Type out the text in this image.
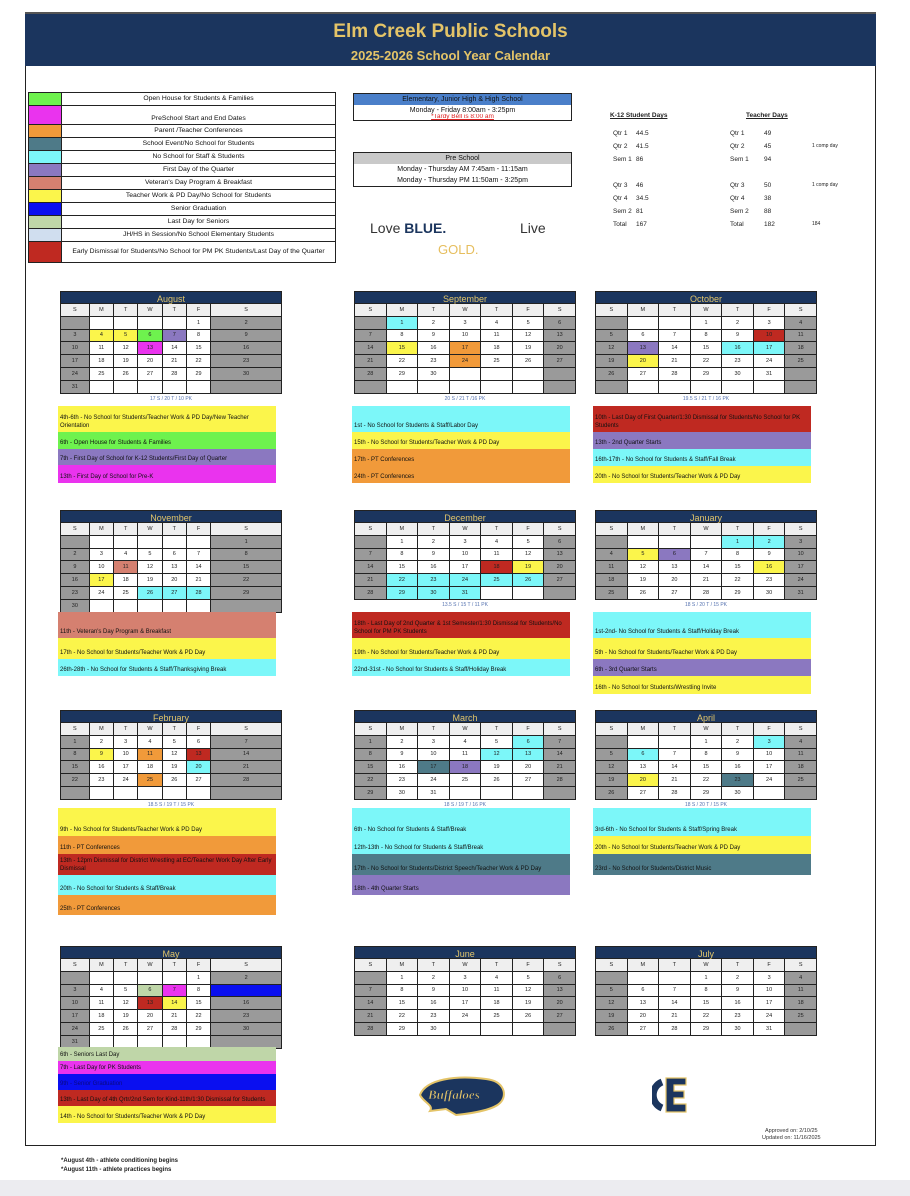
Elm Creek Public Schools
2025-2026 School Year Calendar
Open House for Students & Families
PreSchool Start and End Dates
Parent /Teacher Conferences
School Event/No School for Students
No School for Staff & Students
First Day of the Quarter
Veteran's Day Program & Breakfast
Teacher Work & PD Day/No School for Students
Senior Graduation
Last Day for Seniors
JH/HS in Session/No School Elementary Students
Early Dismissal for Students/No School for PM PK Students/Last Day of the Quarter
Elementary, Junior High & High School
Monday - Friday 8:00am - 3:25pm
*Tardy Bell is 8:00 am
Pre School
Monday - Thursday AM 7:45am - 11:15am
Monday - Thursday PM 11:50am - 3:25pm
Love BLUE.	Live
GOLD.
K-12 Student Days
Qtr 1 44.5
Qtr 2 41.5
Sem 1 86
Qtr 3 46
Qtr 4 34.5
Sem 2 81
Total 167
Teacher Days
Qtr 1	49
Qtr 2	45	1 comp day
Sem 1 94
Qtr 3	50	1 comp day
Qtr 4	38
Sem 2 88
Total	182	184
August
S	M	T	W	T	F	S
					1	2
3	4	5	6	7	8	9
10	11	12	13	14	15	16
17	18	19	20	21	22	23
24	25	26	27	28	29	30
31						
17 S / 20 T / 10 PK
4th-6th - No School for Students/Teacher Work & PD Day/New Teacher Orientation
6th - Open House for Students & Families
7th - First Day of School for K-12 Students/First Day of Quarter
13th - First Day of School for Pre-K
September
S	M	T	W	T	F	S
	1	2	3	4	5	6
7	8	9	10	11	12	13
14	15	16	17	18	19	20
21	22	23	24	25	26	27
28	29	30				

20 S / 21 T /16 PK
1st - No School for Students & Staff/Labor Day
15th - No School for Students/Teacher Work & PD Day
17th - PT Conferences
24th - PT Conferences
October
S	M	T	W	T	F	S
			1	2	3	4
5	6	7	8	9	10	11
12	13	14	15	16	17	18
19	20	21	22	23	24	25
26	27	28	29	30	31	

19.5 S / 21 T / 16 PK
10th - Last Day of First Quarter/1:30 Dismissal for Students/No School for PK Students
13th - 2nd Quarter Starts
16th-17th - No School for Students & Staff/Fall Break
20th - No School for Students/Teacher Work & PD Day
November
S	M	T	W	T	F	S
						1
2	3	4	5	6	7	8
9	10	11	12	13	14	15
16	17	18	19	20	21	22
23	24	25	26	27	28	29
30						
11th - Veteran's Day Program & Breakfast
17th - No School for Students/Teacher Work & PD Day
26th-28th - No School for Students & Staff/Thanksgiving Break
December
S	M	T	W	T	F	S
	1	2	3	4	5	6
7	8	9	10	11	12	13
14	15	16	17	18	19	20
21	22	23	24	25	26	27
28	29	30	31			
13.5 S / 15 T / 11 PK
18th - Last Day of 2nd Quarter & 1st Semester/1:30 Dismissal for Students/No School for PM PK Students
19th - No School for Students/Teacher Work & PD Day
22nd-31st - No School for Students & Staff/Holiday Break
January
S	M	T	W	T	F	S
				1	2	3
4	5	6	7	8	9	10
11	12	13	14	15	16	17
18	19	20	21	22	23	24
25	26	27	28	29	30	31
18 S / 20 T / 15 PK
1st-2nd- No School for Students & Staff/Holiday Break
5th - No School for Students/Teacher Work & PD Day
6th - 3rd Quarter Starts
16th - No School for Students/Wrestling Invite
February
S	M	T	W	T	F	S
1	2	3	4	5	6	7
8	9	10	11	12	13	14
15	16	17	18	19	20	21
22	23	24	25	26	27	28

18.5 S / 19 T / 15 PK
9th - No School for Students/Teacher Work & PD Day
11th - PT Conferences
13th - 12pm Dismissal for District Wrestling at EC/Teacher Work Day After Early Dismissal
20th - No School for Students & Staff/Break
25th - PT Conferences
March
S	M	T	W	T	F	S
1	2	3	4	5	6	7
8	9	10	11	12	13	14
15	16	17	18	19	20	21
22	23	24	25	26	27	28
29	30	31				
18 S / 19 T / 16 PK
6th - No School for Students & Staff/Break
12th-13th - No School for Students & Staff/Break
17th - No School for Students/District Speech/Teacher Work & PD Day
18th - 4th Quarter Starts
April
S	M	T	W	T	F	S
			1	2	3	4
5	6	7	8	9	10	11
12	13	14	15	16	17	18
19	20	21	22	23	24	25
26	27	28	29	30		
18 S / 20 T / 15 PK
3rd-6th - No School for Students & Staff/Spring Break
20th - No School for Students/Teacher Work & PD Day
23rd - No School for Students/District Music
May
S	M	T	W	T	F	S
					1	2
3	4	5	6	7	8	9
10	11	12	13	14	15	16
17	18	19	20	21	22	23
24	25	26	27	28	29	30
31						
6th - Seniors Last Day
7th - Last Day for PK Students
9th - Senior Graduation
13th - Last Day of 4th Qrtr/2nd Sem for Kind-11th/1:30 Dismissal for Students
14th - No School for Students/Teacher Work & PD Day
June
S	M	T	W	T	F	S
	1	2	3	4	5	6
7	8	9	10	11	12	13
14	15	16	17	18	19	20
21	22	23	24	25	26	27
28	29	30				
July
S	M	T	W	T	F	S
			1	2	3	4
5	6	7	8	9	10	11
12	13	14	15	16	17	18
19	20	21	22	23	24	25
26	27	28	29	30	31	
Buffaloes
Approved on: 2/10/25
Updated on: 11/16/2025
*August 4th - athlete conditioning begins
*August 11th - athlete practices begins
